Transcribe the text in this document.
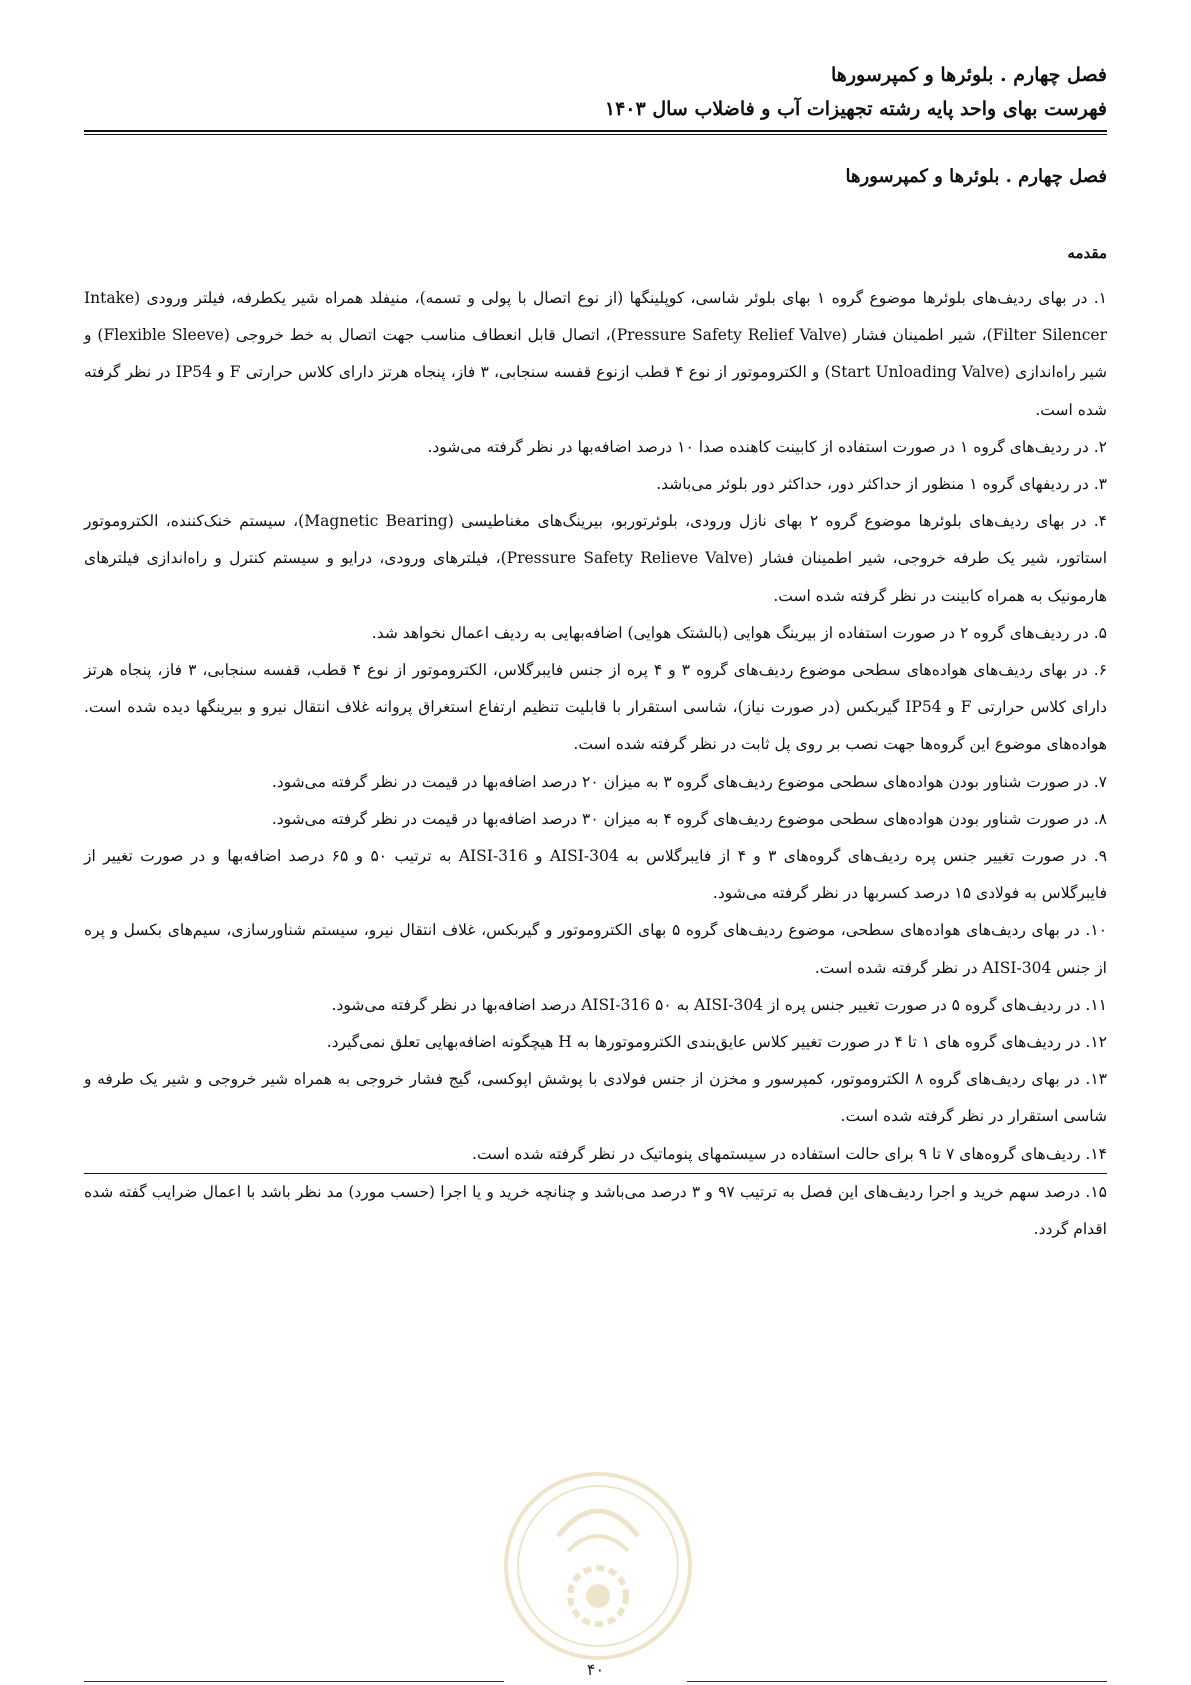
فصل چهارم . بلوئرها و کمپرسورها
فهرست بهای واحد پایه رشته تجهیزات آب و فاضلاب سال ۱۴۰۳
فصل چهارم . بلوئرها و کمپرسورها
مقدمه
۱. در بهای ردیف‌های بلوئرها موضوع گروه ۱ بهای بلوئر شاسی، کوپلینگها (از نوع اتصال با پولی و تسمه)، منیفلد همراه شیر یکطرفه، فیلتر ورودی (Intake Filter Silencer)، شیر اطمینان فشار (Pressure Safety Relief Valve)، اتصال قابل انعطاف مناسب جهت اتصال به خط خروجی (Flexible Sleeve) و شیر راه‌اندازی (Start Unloading Valve) و الکتروموتور از نوع ۴ قطب ازنوع قفسه سنجابی، ۳ فاز، پنجاه هرتز دارای کلاس حرارتی F و IP54 در نظر گرفته شده است.
۲. در ردیف‌های گروه ۱ در صورت استفاده از کابینت کاهنده صدا ۱۰ درصد اضافه‌بها در نظر گرفته می‌شود.
۳. در ردیفهای گروه ۱ منظور از حداکثر دور، حداکثر دور بلوئر می‌باشد.
۴. در بهای ردیف‌های بلوئرها موضوع گروه ۲ بهای نازل ورودی، بلوئرتوربو، بیرینگ‌های مغناطیسی (Magnetic Bearing)، سیستم خنک‌کننده، الکتروموتور استاتور، شیر یک طرفه خروجی، شیر اطمینان فشار (Pressure Safety Relieve Valve)، فیلترهای ورودی، درایو و سیستم کنترل و راه‌اندازی فیلترهای هارمونیک به همراه کابینت در نظر گرفته شده است.
۵. در ردیف‌های گروه ۲ در صورت استفاده از بیرینگ هوایی (بالشتک هوایی) اضافه‌بهایی به ردیف اعمال نخواهد شد.
۶. در بهای ردیف‌های هواده‌های سطحی موضوع ردیف‌های گروه ۳ و ۴ پره از جنس فایبرگلاس، الکتروموتور از نوع ۴ قطب، قفسه سنجابی، ۳ فاز، پنجاه هرتز دارای کلاس حرارتی F و IP54 گیربکس (در صورت نیاز)، شاسی استقرار با قابلیت تنظیم ارتفاع استغراق پروانه غلاف انتقال نیرو و بیرینگها دیده شده است. هواده‌های موضوع این گروه‌ها جهت نصب بر روی پل ثابت در نظر گرفته شده است.
۷. در صورت شناور بودن هواده‌های سطحی موضوع ردیف‌های گروه ۳ به میزان ۲۰ درصد اضافه‌بها در قیمت در نظر گرفته می‌شود.
۸. در صورت شناور بودن هواده‌های سطحی موضوع ردیف‌های گروه ۴ به میزان ۳۰ درصد اضافه‌بها در قیمت در نظر گرفته می‌شود.
۹. در صورت تغییر جنس پره ردیف‌های گروه‌های ۳ و ۴ از فایبرگلاس به AISI-304 و AISI-316 به ترتیب ۵۰ و ۶۵ درصد اضافه‌بها و در صورت تغییر از فایبرگلاس به فولادی ۱۵ درصد کسربها در نظر گرفته می‌شود.
۱۰. در بهای ردیف‌های هواده‌های سطحی، موضوع ردیف‌های گروه ۵ بهای الکتروموتور و گیربکس، غلاف انتقال نیرو، سیستم شناورسازی، سیم‌های بکسل و پره از جنس AISI-304 در نظر گرفته شده است.
۱۱. در ردیف‌های گروه ۵ در صورت تغییر جنس پره از AISI-304 به AISI-316 ۵۰ درصد اضافه‌بها در نظر گرفته می‌شود.
۱۲. در ردیف‌های گروه های ۱ تا ۴ در صورت تغییر کلاس عایق‌بندی الکتروموتورها به H هیچگونه اضافه‌بهایی تعلق نمی‌گیرد.
۱۳. در بهای ردیف‌های گروه ۸ الکتروموتور، کمپرسور و مخزن از جنس فولادی با پوشش اپوکسی، گیج فشار خروجی به همراه شیر خروجی و شیر یک طرفه و شاسی استقرار در نظر گرفته شده است.
۱۴. ردیف‌های گروه‌های ۷ تا ۹ برای حالت استفاده در سیستمهای پنوماتیک در نظر گرفته شده است.
۱۵. درصد سهم خرید و اجرا ردیف‌های این فصل به ترتیب ۹۷ و ۳ درصد می‌باشد و چنانچه خرید و یا اجرا (حسب مورد) مد نظر باشد با اعمال ضرایب گفته شده اقدام گردد.
۴۰
